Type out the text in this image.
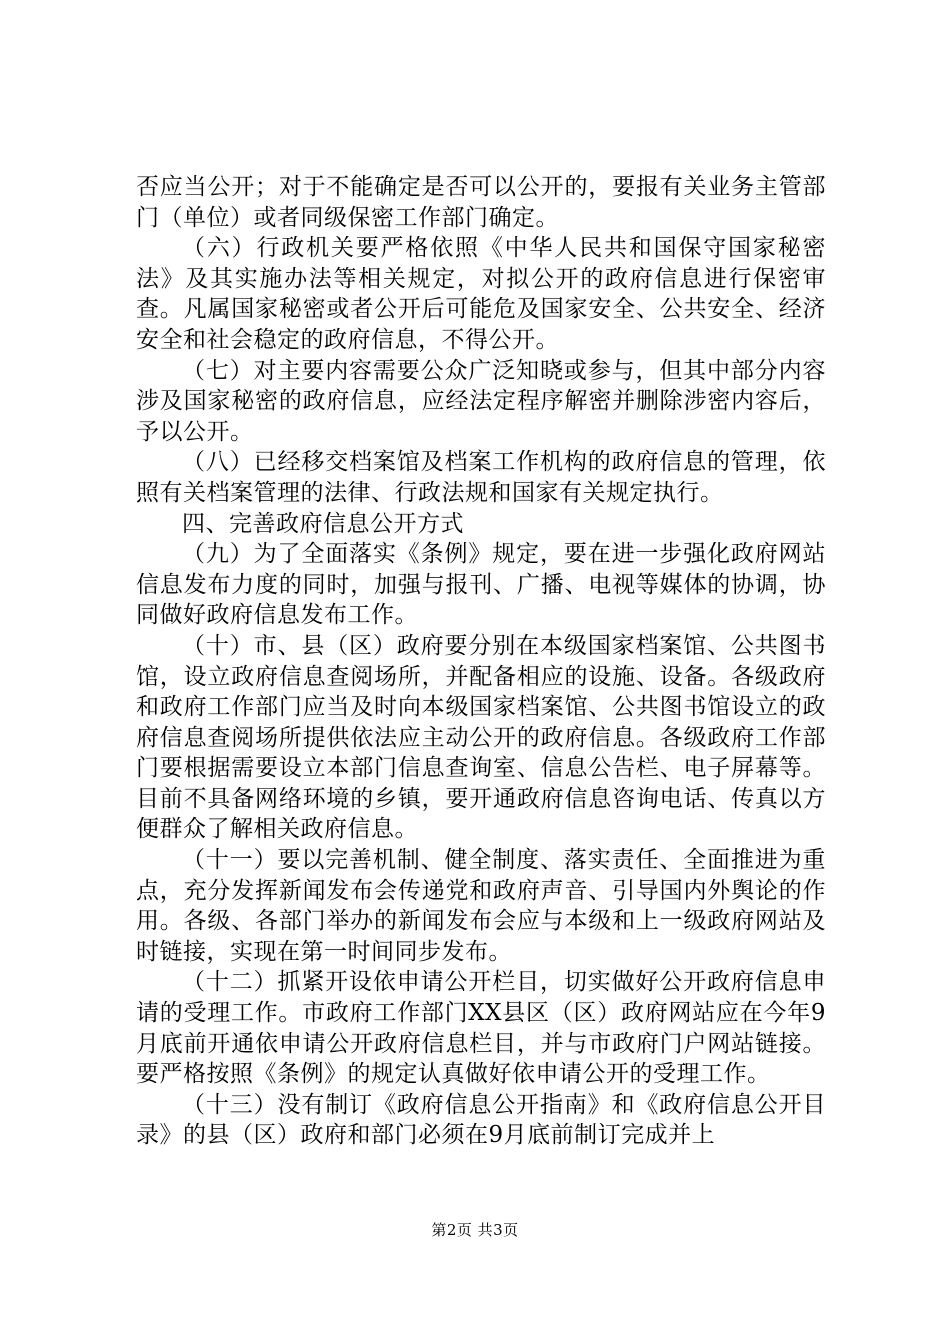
否应当公开；对于不能确定是否可以公开的，要报有关业务主管部门（单位）或者同级保密工作部门确定。

（六）行政机关要严格依照《中华人民共和国保守国家秘密法》及其实施办法等相关规定，对拟公开的政府信息进行保密审查。凡属国家秘密或者公开后可能危及国家安全、公共安全、经济安全和社会稳定的政府信息，不得公开。

（七）对主要内容需要公众广泛知晓或参与，但其中部分内容涉及国家秘密的政府信息，应经法定程序解密并删除涉密内容后，予以公开。

（八）已经移交档案馆及档案工作机构的政府信息的管理，依照有关档案管理的法律、行政法规和国家有关规定执行。

四、完善政府信息公开方式

（九）为了全面落实《条例》规定，要在进一步强化政府网站信息发布力度的同时，加强与报刊、广播、电视等媒体的协调，协同做好政府信息发布工作。

（十）市、县（区）政府要分别在本级国家档案馆、公共图书馆，设立政府信息查阅场所，并配备相应的设施、设备。各级政府和政府工作部门应当及时向本级国家档案馆、公共图书馆设立的政府信息查阅场所提供依法应主动公开的政府信息。各级政府工作部门要根据需要设立本部门信息查询室、信息公告栏、电子屏幕等。目前不具备网络环境的乡镇，要开通政府信息咨询电话、传真以方便群众了解相关政府信息。

（十一）要以完善机制、健全制度、落实责任、全面推进为重点，充分发挥新闻发布会传递党和政府声音、引导国内外舆论的作用。各级、各部门举办的新闻发布会应与本级和上一级政府网站及时链接，实现在第一时间同步发布。

（十二）抓紧开设依申请公开栏目，切实做好公开政府信息申请的受理工作。市政府工作部门XX县区（区）政府网站应在今年9月底前开通依申请公开政府信息栏目，并与市政府门户网站链接。要严格按照《条例》的规定认真做好依申请公开的受理工作。

（十三）没有制订《政府信息公开指南》和《政府信息公开目录》的县（区）政府和部门必须在9月底前制订完成并上

第2页 共3页
